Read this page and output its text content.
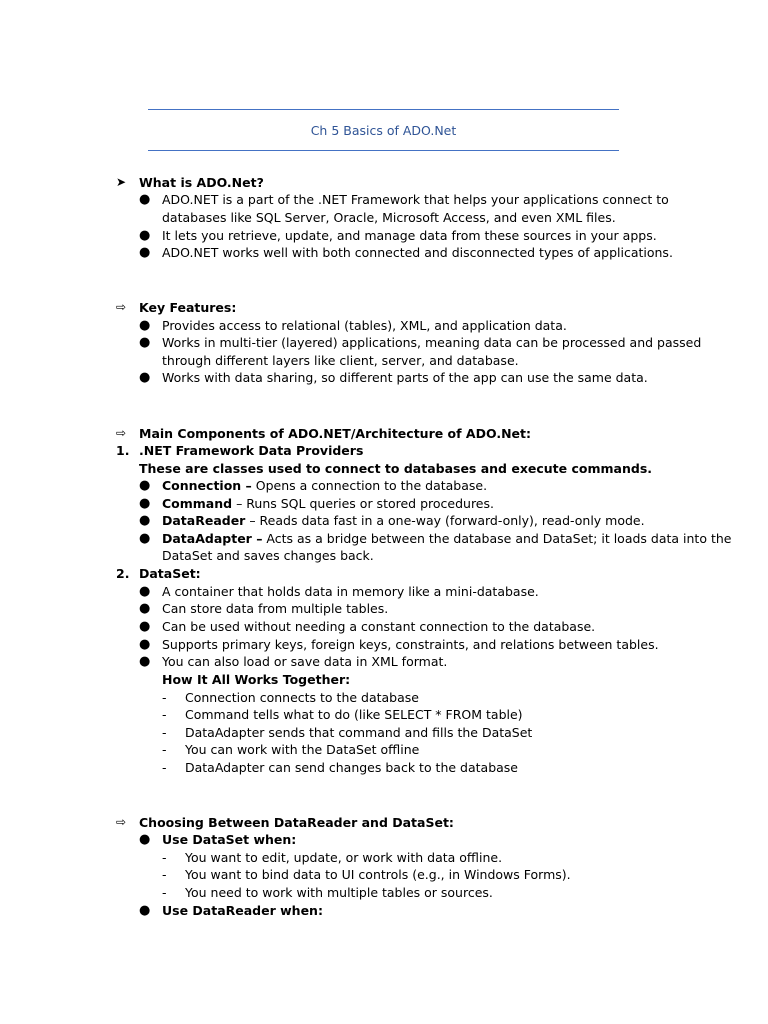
Ch 5 Basics of ADO.Net
➤ What is ADO.Net?
● ADO.NET is a part of the .NET Framework that helps your applications connect to
databases like SQL Server, Oracle, Microsoft Access, and even XML files.
● It lets you retrieve, update, and manage data from these sources in your apps.
● ADO.NET works well with both connected and disconnected types of applications.
⇨ Key Features:
● Provides access to relational (tables), XML, and application data.
● Works in multi-tier (layered) applications, meaning data can be processed and passed
through different layers like client, server, and database.
● Works with data sharing, so different parts of the app can use the same data.
⇨ Main Components of ADO.NET/Architecture of ADO.Net:
1. .NET Framework Data Providers
These are classes used to connect to databases and execute commands.
● Connection – Opens a connection to the database.
● Command – Runs SQL queries or stored procedures.
● DataReader – Reads data fast in a one-way (forward-only), read-only mode.
● DataAdapter – Acts as a bridge between the database and DataSet; it loads data into the
DataSet and saves changes back.
2. DataSet:
● A container that holds data in memory like a mini-database.
● Can store data from multiple tables.
● Can be used without needing a constant connection to the database.
● Supports primary keys, foreign keys, constraints, and relations between tables.
● You can also load or save data in XML format.
How It All Works Together:
- Connection connects to the database
- Command tells what to do (like SELECT * FROM table)
- DataAdapter sends that command and fills the DataSet
- You can work with the DataSet offline
- DataAdapter can send changes back to the database
⇨ Choosing Between DataReader and DataSet:
● Use DataSet when:
- You want to edit, update, or work with data offline.
- You want to bind data to UI controls (e.g., in Windows Forms).
- You need to work with multiple tables or sources.
● Use DataReader when:
